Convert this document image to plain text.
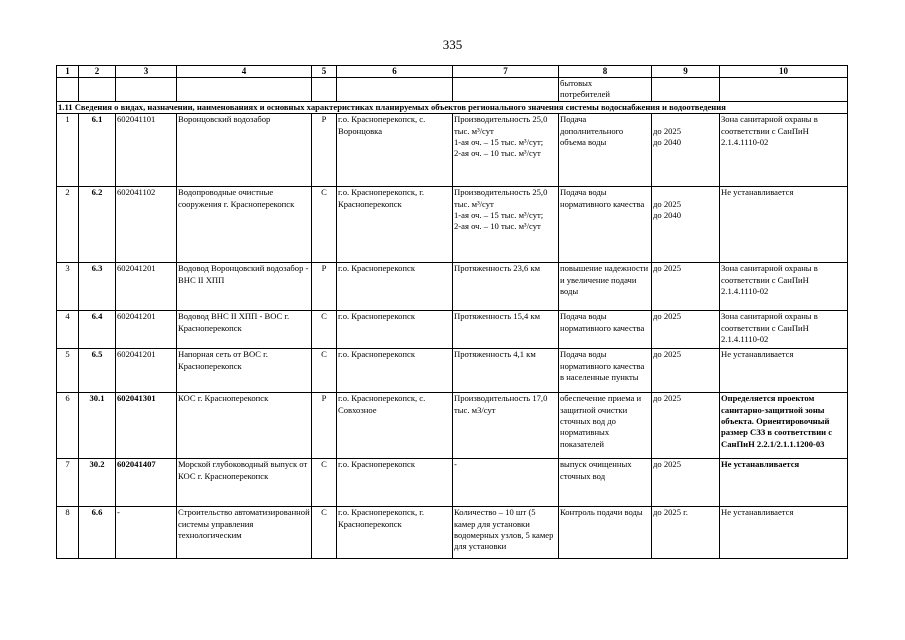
335
1	2	3	4	5	6	7	8	9	10

							бытовых
потребителей		

1.11 Сведения о видах, назначении, наименованиях и основных характеристиках планируемых объектов регионального значения системы водоснабжения и водоотведения									
1	6.1	602041101	Воронцовский водозабор	Р	г.о. Красноперекопск, с. Воронцовка	Производительность 25,0 тыс. м³/сут
1-ая оч. – 15 тыс. м³/сут;
2-ая оч. – 10 тыс. м³/сут	Подача дополнительного объема воды	до 2025
до 2040	Зона санитарной охраны в соответствии с СанПиН 2.1.4.1110-02

2	6.2	602041102	Водопроводные очистные сооружения г. Красноперекопск	С	г.о. Красноперекопск, г. Красноперекопск	Производительность 25,0 тыс. м³/сут
1-ая оч. – 15 тыс. м³/сут;
2-ая оч. – 10 тыс. м³/сут	Подача воды нормативного качества	до 2025
до 2040	Не устанавливается

3	6.3	602041201	Водовод Воронцовский водозабор - ВНС II ХПП	Р	г.о. Красноперекопск	Протяженность 23,6 км	повышение надежности и увеличение подачи воды	до 2025	Зона санитарной охраны в соответствии с СанПиН 2.1.4.1110-02

4	6.4	602041201	Водовод ВНС II ХПП - ВОС г. Красноперекопск	С	г.о. Красноперекопск	Протяженность 15,4 км	Подача воды нормативного качества	до 2025	Зона санитарной охраны в соответствии с СанПиН 2.1.4.1110-02

5	6.5	602041201	Напорная сеть от ВОС г. Красноперекопск	С	г.о. Красноперекопск	Протяженность 4,1 км	Подача воды нормативного качества в населенные пункты	до 2025	Не устанавливается

6	30.1	602041301	КОС г. Красноперекопск	Р	г.о. Красноперекопск, с. Совхозное	Производительность 17,0 тыс. м3/сут	обеспечение приема и защитной очистки сточных вод до нормативных показателей	до 2025	Определяется проектом санитарно-защитной зоны объекта. Ориентировочный размер СЗЗ в соответствии с СанПиН 2.2.1/2.1.1.1200-03

7	30.2	602041407	Морской глубоководный выпуск от КОС г. Красноперекопск	С	г.о. Красноперекопск	-	выпуск очищенных сточных вод	до 2025	Не устанавливается

8	6.6	-	Строительство автоматизированной системы управления технологическим	С	г.о. Красноперекопск, г. Красноперекопск	Количество – 10 шт (5 камер для установки водомерных узлов, 5 камер для установки	Контроль подачи воды	до 2025 г.	Не устанавливается
